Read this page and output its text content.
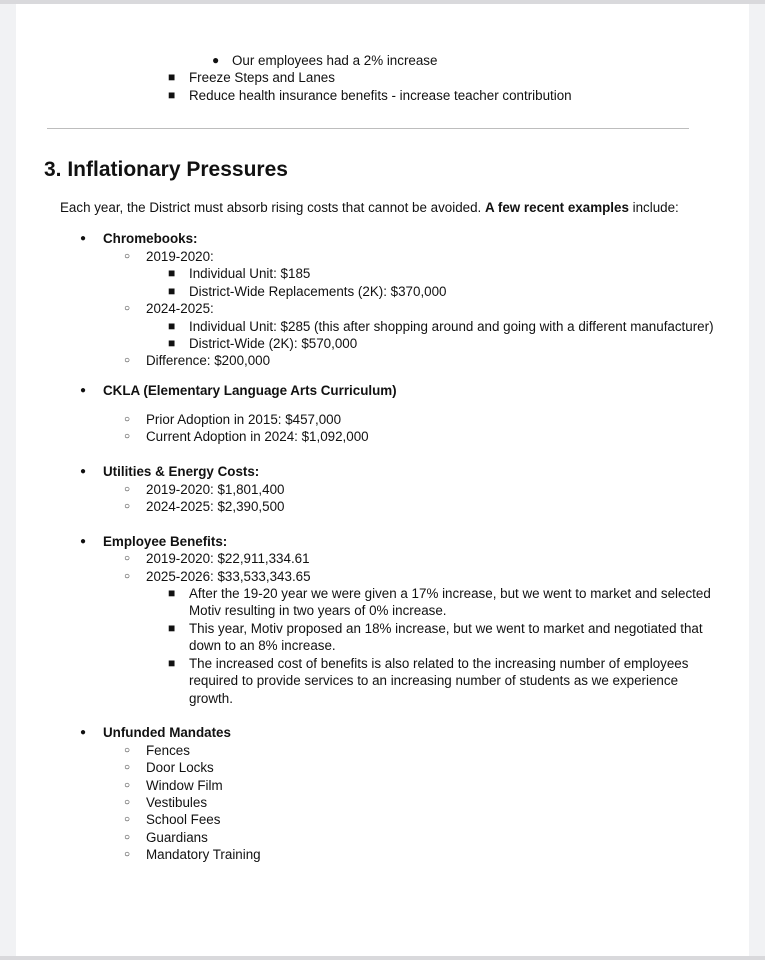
● Our employees had a 2% increase
■ Freeze Steps and Lanes
■ Reduce health insurance benefits - increase teacher contribution
3. Inflationary Pressures
Each year, the District must absorb rising costs that cannot be avoided. A few recent examples include:
● Chromebooks:
○ 2019-2020:
■ Individual Unit: $185
■ District-Wide Replacements (2K): $370,000
○ 2024-2025:
■ Individual Unit: $285 (this after shopping around and going with a different manufacturer)
■ District-Wide (2K): $570,000
○ Difference: $200,000
● CKLA (Elementary Language Arts Curriculum)
○ Prior Adoption in 2015: $457,000
○ Current Adoption in 2024: $1,092,000
● Utilities & Energy Costs:
○ 2019-2020: $1,801,400
○ 2024-2025: $2,390,500
● Employee Benefits:
○ 2019-2020: $22,911,334.61
○ 2025-2026: $33,533,343.65
■ After the 19-20 year we were given a 17% increase, but we went to market and selected
Motiv resulting in two years of 0% increase.
■ This year, Motiv proposed an 18% increase, but we went to market and negotiated that
down to an 8% increase.
■ The increased cost of benefits is also related to the increasing number of employees
required to provide services to an increasing number of students as we experience
growth.
● Unfunded Mandates
○ Fences
○ Door Locks
○ Window Film
○ Vestibules
○ School Fees
○ Guardians
○ Mandatory Training
